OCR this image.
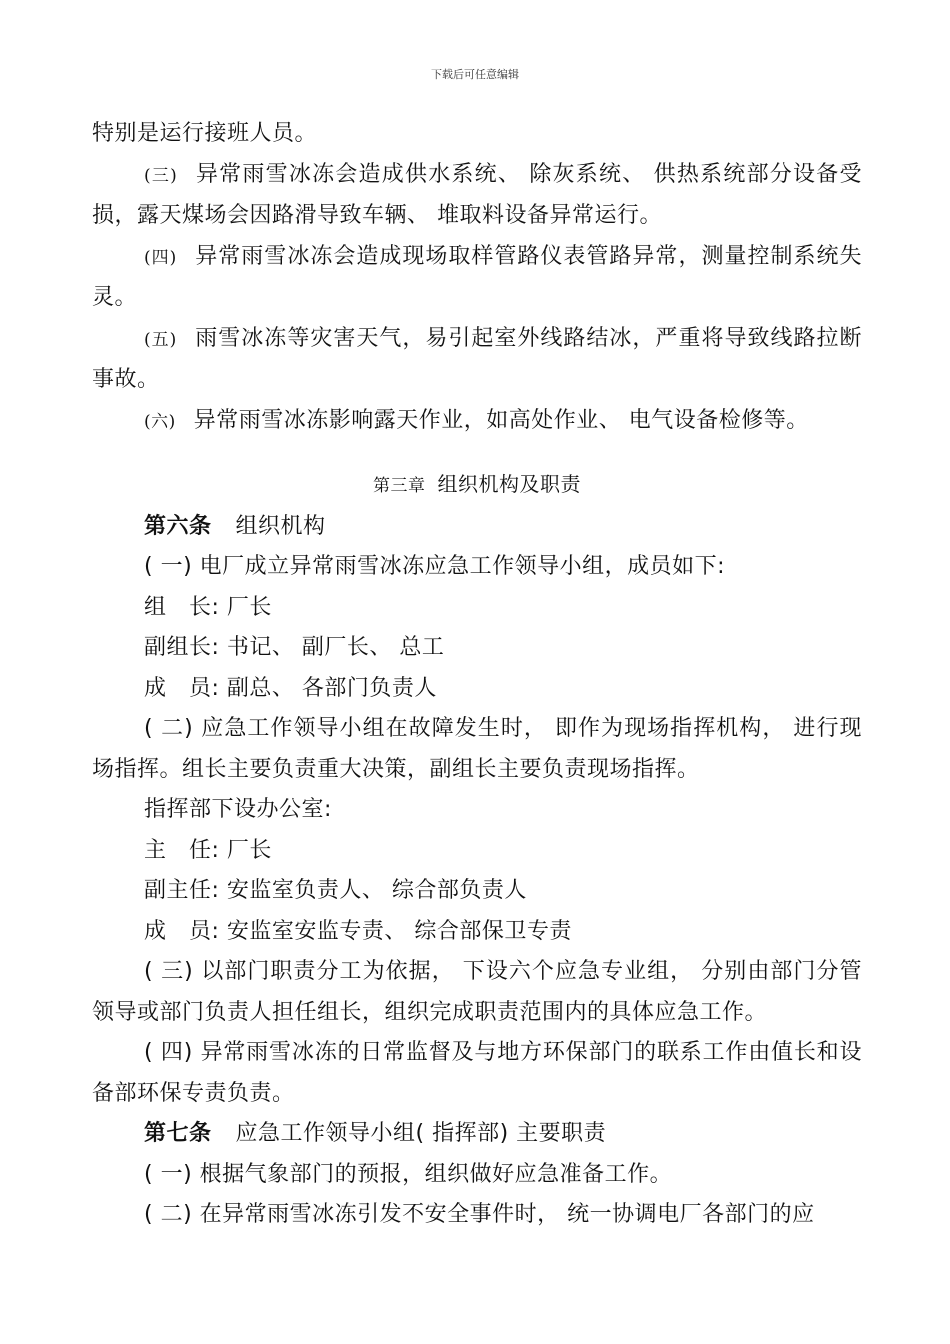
下载后可任意编辑

特别是运行接班人员。

(三) 异常雨雪冰冻会造成供水系统、 除灰系统、 供热系统部分设备受损，露天煤场会因路滑导致车辆、 堆取料设备异常运行。

(四) 异常雨雪冰冻会造成现场取样管路仪表管路异常，测量控制系统失灵。

(五) 雨雪冰冻等灾害天气，易引起室外线路结冰，严重将导致线路拉断事故。

(六) 异常雨雪冰冻影响露天作业，如高处作业、 电气设备检修等。

第三章 组织机构及职责

第六条 组织机构

( 一) 电厂成立异常雨雪冰冻应急工作领导小组，成员如下:

组　长: 厂长

副组长: 书记、 副厂长、 总工

成　员: 副总、 各部门负责人

( 二) 应急工作领导小组在故障发生时， 即作为现场指挥机构， 进行现场指挥。组长主要负责重大决策，副组长主要负责现场指挥。

指挥部下设办公室:

主　任: 厂长

副主任: 安监室负责人、 综合部负责人

成　员: 安监室安监专责、 综合部保卫专责

( 三) 以部门职责分工为依据， 下设六个应急专业组， 分别由部门分管领导或部门负责人担任组长，组织完成职责范围内的具体应急工作。

( 四) 异常雨雪冰冻的日常监督及与地方环保部门的联系工作由值长和设备部环保专责负责。

第七条 应急工作领导小组( 指挥部) 主要职责

( 一) 根据气象部门的预报，组织做好应急准备工作。

( 二) 在异常雨雪冰冻引发不安全事件时， 统一协调电厂各部门的应
